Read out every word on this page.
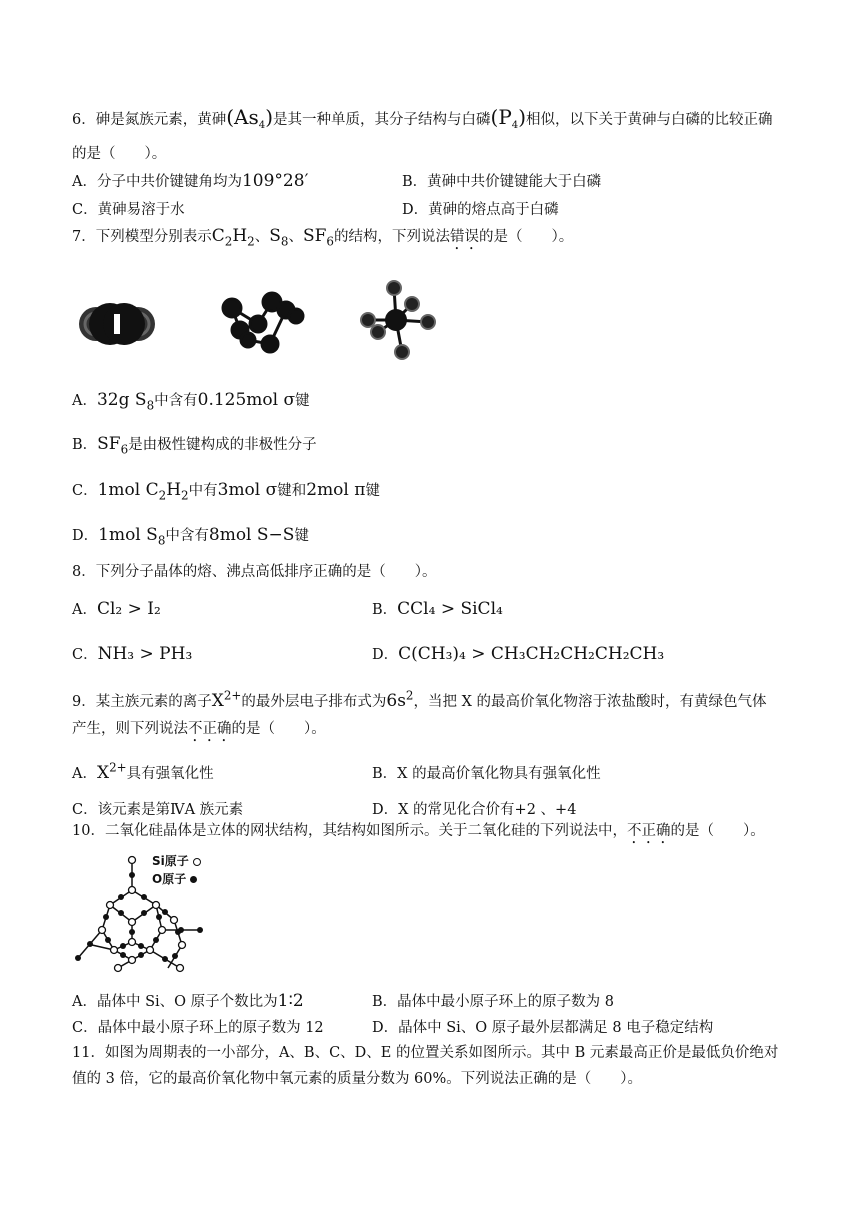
6．砷是氮族元素，黄砷$(As_4)$是其一种单质，其分子结构与白磷$(P_4)$相似，以下关于黄砷与白磷的比较正确
的是（　　）。
A．分子中共价键键角均为109°28′	B．黄砷中共价键键能大于白磷
C．黄砷易溶于水	D．黄砷的熔点高于白磷
7．下列模型分别表示$C_2H_2$、$S_8$、$SF_6$的结构，下列说法错误的是（　　）。
A．32g $S_8$中含有0.125mol σ键
B．$SF_6$是由极性键构成的非极性分子
C．1mol $C_2H_2$中有3mol σ键和2mol π键
D．1mol $S_8$中含有8mol S−S键
8．下列分子晶体的熔、沸点高低排序正确的是（　　）。
A．Cl₂ > I₂	B．CCl₄ > SiCl₄
C．NH₃ > PH₃	D．C(CH₃)₄ > CH₃CH₂CH₂CH₂CH₃
9．某主族元素的离子$X^{2+}$的最外层电子排布式为$6s^2$，当把 X 的最高价氧化物溶于浓盐酸时，有黄绿色气体
产生，则下列说法不正确的是（　　）。
A．$X^{2+}$具有强氧化性	B．X 的最高价氧化物具有强氧化性
C．该元素是第ⅣA 族元素	D．X 的常见化合价有+2 、+4
10．二氧化硅晶体是立体的网状结构，其结构如图所示。关于二氧化硅的下列说法中，不正确的是（　　）。
Si原子
O原子
A．晶体中 Si、O 原子个数比为1∶2	B．晶体中最小原子环上的原子数为 8
C．晶体中最小原子环上的原子数为 12	D．晶体中 Si、O 原子最外层都满足 8 电子稳定结构
11．如图为周期表的一小部分，A、B、C、D、E 的位置关系如图所示。其中 B 元素最高正价是最低负价绝对
值的 3 倍，它的最高价氧化物中氧元素的质量分数为 60%。下列说法正确的是（　　）。
